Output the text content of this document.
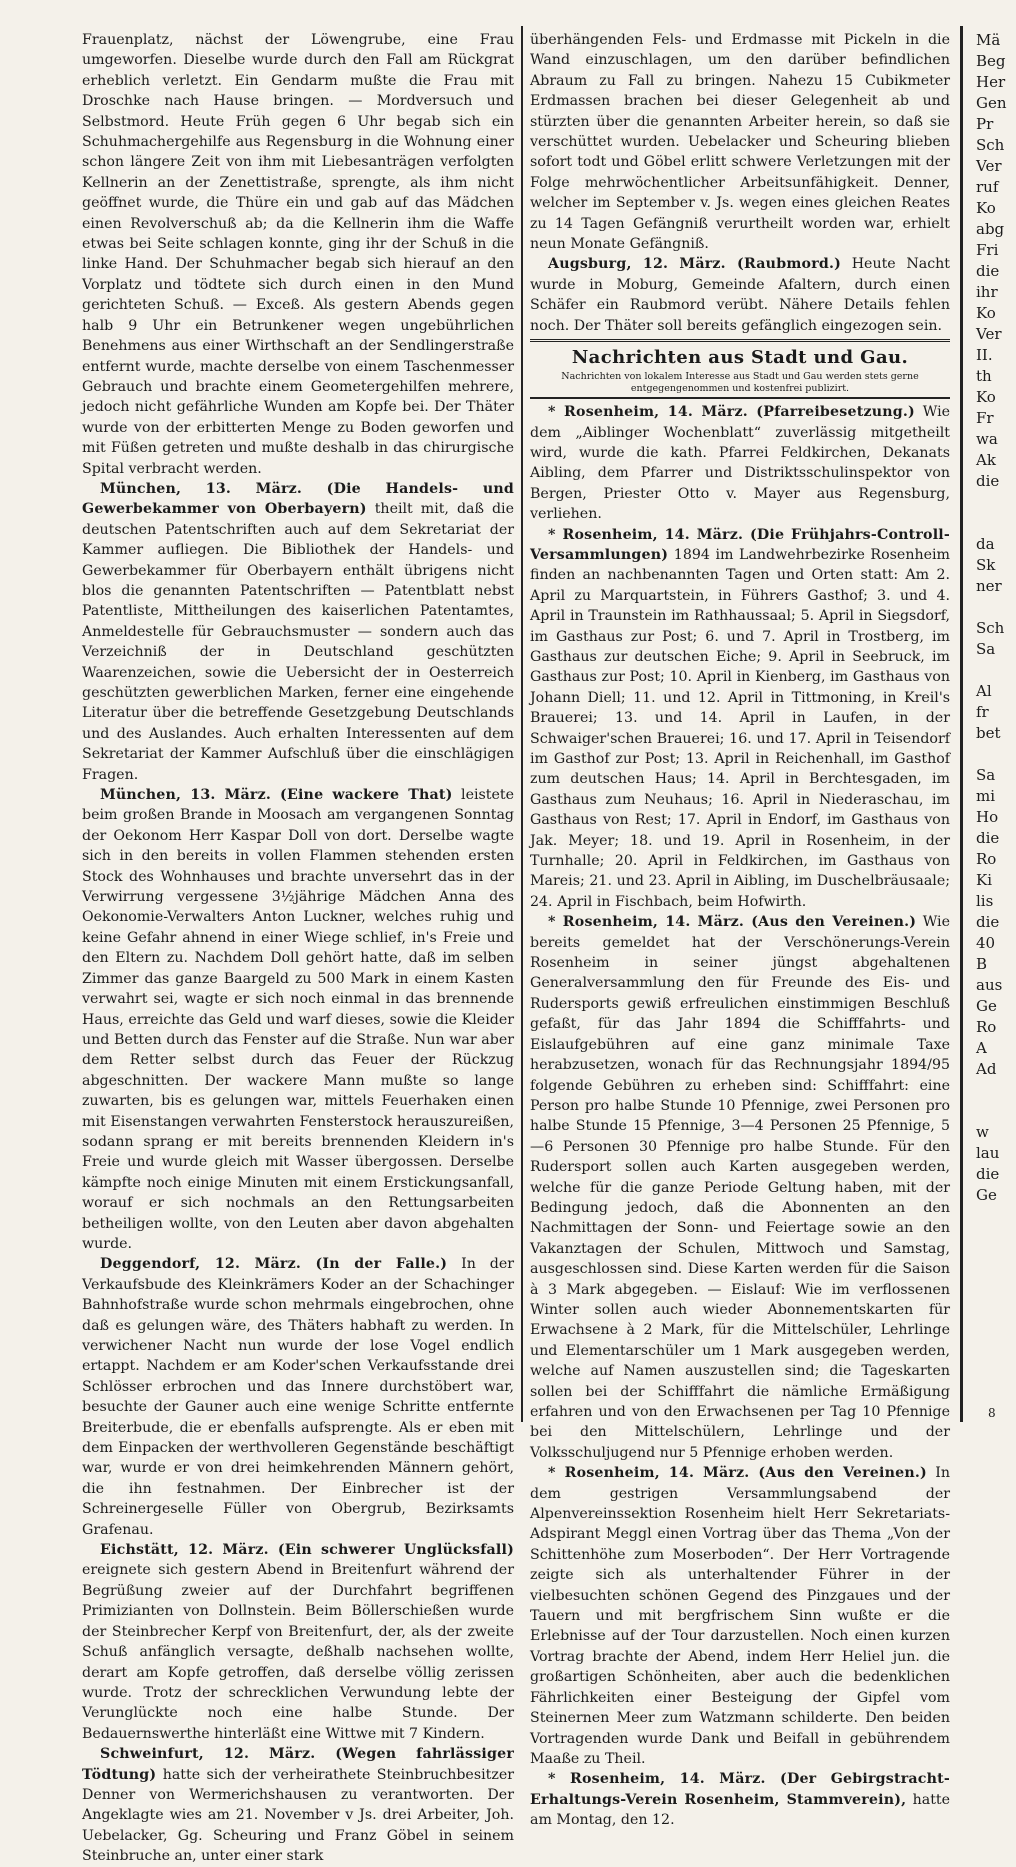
Frauenplatz, nächst der Löwengrube, eine Frau umgeworfen. Dieselbe wurde durch den Fall am Rückgrat erheblich verletzt. Ein Gendarm mußte die Frau mit Droschke nach Hause bringen. — Mordversuch und Selbstmord. Heute Früh gegen 6 Uhr begab sich ein Schuhmachergehilfe aus Regensburg in die Wohnung einer schon längere Zeit von ihm mit Liebesanträgen verfolgten Kellnerin an der Zenettistraße, sprengte, als ihm nicht geöffnet wurde, die Thüre ein und gab auf das Mädchen einen Revolverschuß ab; da die Kellnerin ihm die Waffe etwas bei Seite schlagen konnte, ging ihr der Schuß in die linke Hand. Der Schuhmacher begab sich hierauf an den Vorplatz und tödtete sich durch einen in den Mund gerichteten Schuß. — Exceß. Als gestern Abends gegen halb 9 Uhr ein Betrunkener wegen ungebührlichen Benehmens aus einer Wirthschaft an der Sendlingerstraße entfernt wurde, machte derselbe von einem Taschenmesser Gebrauch und brachte einem Geometergehilfen mehrere, jedoch nicht gefährliche Wunden am Kopfe bei. Der Thäter wurde von der erbitterten Menge zu Boden geworfen und mit Füßen getreten und mußte deshalb in das chirurgische Spital verbracht werden.

München, 13. März. (Die Handels- und Gewerbekammer von Oberbayern) theilt mit, daß die deutschen Patentschriften auch auf dem Sekretariat der Kammer aufliegen. Die Bibliothek der Handels- und Gewerbekammer für Oberbayern enthält übrigens nicht blos die genannten Patentschriften — Patentblatt nebst Patentliste, Mittheilungen des kaiserlichen Patentamtes, Anmeldestelle für Gebrauchsmuster — sondern auch das Verzeichniß der in Deutschland geschützten Waarenzeichen, sowie die Uebersicht der in Oesterreich geschützten gewerblichen Marken, ferner eine eingehende Literatur über die betreffende Gesetzgebung Deutschlands und des Auslandes. Auch erhalten Interessenten auf dem Sekretariat der Kammer Aufschluß über die einschlägigen Fragen.

München, 13. März. (Eine wackere That) leistete beim großen Brande in Moosach am vergangenen Sonntag der Oekonom Herr Kaspar Doll von dort. Derselbe wagte sich in den bereits in vollen Flammen stehenden ersten Stock des Wohnhauses und brachte unversehrt das in der Verwirrung vergessene 3½jährige Mädchen Anna des Oekonomie-Verwalters Anton Luckner, welches ruhig und keine Gefahr ahnend in einer Wiege schlief, in's Freie und den Eltern zu. Nachdem Doll gehört hatte, daß im selben Zimmer das ganze Baargeld zu 500 Mark in einem Kasten verwahrt sei, wagte er sich noch einmal in das brennende Haus, erreichte das Geld und warf dieses, sowie die Kleider und Betten durch das Fenster auf die Straße. Nun war aber dem Retter selbst durch das Feuer der Rückzug abgeschnitten. Der wackere Mann mußte so lange zuwarten, bis es gelungen war, mittels Feuerhaken einen mit Eisenstangen verwahrten Fensterstock herauszureißen, sodann sprang er mit bereits brennenden Kleidern in's Freie und wurde gleich mit Wasser übergossen. Derselbe kämpfte noch einige Minuten mit einem Erstickungsanfall, worauf er sich nochmals an den Rettungsarbeiten betheiligen wollte, von den Leuten aber davon abgehalten wurde.

Deggendorf, 12. März. (In der Falle.) In der Verkaufsbude des Kleinkrämers Koder an der Schachinger Bahnhofstraße wurde schon mehrmals eingebrochen, ohne daß es gelungen wäre, des Thäters habhaft zu werden. In verwichener Nacht nun wurde der lose Vogel endlich ertappt. Nachdem er am Koder'schen Verkaufsstande drei Schlösser erbrochen und das Innere durchstöbert war, besuchte der Gauner auch eine wenige Schritte entfernte Breiterbude, die er ebenfalls aufsprengte. Als er eben mit dem Einpacken der werthvolleren Gegenstände beschäftigt war, wurde er von drei heimkehrenden Männern gehört, die ihn festnahmen. Der Einbrecher ist der Schreinergeselle Füller von Obergrub, Bezirksamts Grafenau.

Eichstätt, 12. März. (Ein schwerer Unglücksfall) ereignete sich gestern Abend in Breitenfurt während der Begrüßung zweier auf der Durchfahrt begriffenen Primizianten von Dollnstein. Beim Böllerschießen wurde der Steinbrecher Kerpf von Breitenfurt, der, als der zweite Schuß anfänglich versagte, deßhalb nachsehen wollte, derart am Kopfe getroffen, daß derselbe völlig zerissen wurde. Trotz der schrecklichen Verwundung lebte der Verunglückte noch eine halbe Stunde. Der Bedauernswerthe hinterläßt eine Wittwe mit 7 Kindern.

Schweinfurt, 12. März. (Wegen fahrlässiger Tödtung) hatte sich der verheirathete Steinbruchbesitzer Denner von Wermerichshausen zu verantworten. Der Angeklagte wies am 21. November v Js. drei Arbeiter, Joh. Uebelacker, Gg. Scheuring und Franz Göbel in seinem Steinbruche an, unter einer stark

überhängenden Fels- und Erdmasse mit Pickeln in die Wand einzuschlagen, um den darüber befindlichen Abraum zu Fall zu bringen. Nahezu 15 Cubikmeter Erdmassen brachen bei dieser Gelegenheit ab und stürzten über die genannten Arbeiter herein, so daß sie verschüttet wurden. Uebelacker und Scheuring blieben sofort todt und Göbel erlitt schwere Verletzungen mit der Folge mehrwöchentlicher Arbeitsunfähigkeit. Denner, welcher im September v. Js. wegen eines gleichen Reates zu 14 Tagen Gefängniß verurtheilt worden war, erhielt neun Monate Gefängniß.

Augsburg, 12. März. (Raubmord.) Heute Nacht wurde in Moburg, Gemeinde Afaltern, durch einen Schäfer ein Raubmord verübt. Nähere Details fehlen noch. Der Thäter soll bereits gefänglich eingezogen sein.

Nachrichten aus Stadt und Gau.
Nachrichten von lokalem Interesse aus Stadt und Gau werden stets gerne entgegengenommen und kostenfrei publizirt.

* Rosenheim, 14. März. (Pfarreibesetzung.) Wie dem „Aiblinger Wochenblatt“ zuverlässig mitgetheilt wird, wurde die kath. Pfarrei Feldkirchen, Dekanats Aibling, dem Pfarrer und Distriktsschulinspektor von Bergen, Priester Otto v. Mayer aus Regensburg, verliehen.

* Rosenheim, 14. März. (Die Frühjahrs-Controll-Versammlungen) 1894 im Landwehrbezirke Rosenheim finden an nachbenannten Tagen und Orten statt: Am 2. April zu Marquartstein, in Führers Gasthof; 3. und 4. April in Traunstein im Rathhaussaal; 5. April in Siegsdorf, im Gasthaus zur Post; 6. und 7. April in Trostberg, im Gasthaus zur deutschen Eiche; 9. April in Seebruck, im Gasthaus zur Post; 10. April in Kienberg, im Gasthaus von Johann Diell; 11. und 12. April in Tittmoning, in Kreil's Brauerei; 13. und 14. April in Laufen, in der Schwaiger'schen Brauerei; 16. und 17. April in Teisendorf im Gasthof zur Post; 13. April in Reichenhall, im Gasthof zum deutschen Haus; 14. April in Berchtesgaden, im Gasthaus zum Neuhaus; 16. April in Niederaschau, im Gasthaus von Rest; 17. April in Endorf, im Gasthaus von Jak. Meyer; 18. und 19. April in Rosenheim, in der Turnhalle; 20. April in Feldkirchen, im Gasthaus von Mareis; 21. und 23. April in Aibling, im Duschelbräusaale; 24. April in Fischbach, beim Hofwirth.

* Rosenheim, 14. März. (Aus den Vereinen.) Wie bereits gemeldet hat der Verschönerungs-Verein Rosenheim in seiner jüngst abgehaltenen Generalversammlung den für Freunde des Eis- und Rudersports gewiß erfreulichen einstimmigen Beschluß gefaßt, für das Jahr 1894 die Schifffahrts- und Eislaufgebühren auf eine ganz minimale Taxe herabzusetzen, wonach für das Rechnungsjahr 1894/95 folgende Gebühren zu erheben sind: Schifffahrt: eine Person pro halbe Stunde 10 Pfennige, zwei Personen pro halbe Stunde 15 Pfennige, 3—4 Personen 25 Pfennige, 5—6 Personen 30 Pfennige pro halbe Stunde. Für den Rudersport sollen auch Karten ausgegeben werden, welche für die ganze Periode Geltung haben, mit der Bedingung jedoch, daß die Abonnenten an den Nachmittagen der Sonn- und Feiertage sowie an den Vakanztagen der Schulen, Mittwoch und Samstag, ausgeschlossen sind. Diese Karten werden für die Saison à 3 Mark abgegeben. — Eislauf: Wie im verflossenen Winter sollen auch wieder Abonnementskarten für Erwachsene à 2 Mark, für die Mittelschüler, Lehrlinge und Elementarschüler um 1 Mark ausgegeben werden, welche auf Namen auszustellen sind; die Tageskarten sollen bei der Schifffahrt die nämliche Ermäßigung erfahren und von den Erwachsenen per Tag 10 Pfennige bei den Mittelschülern, Lehrlinge und der Volksschuljugend nur 5 Pfennige erhoben werden.

* Rosenheim, 14. März. (Aus den Vereinen.) In dem gestrigen Versammlungsabend der Alpenvereinssektion Rosenheim hielt Herr Sekretariats-Adspirant Meggl einen Vortrag über das Thema „Von der Schittenhöhe zum Moserboden“. Der Herr Vortragende zeigte sich als unterhaltender Führer in der vielbesuchten schönen Gegend des Pinzgaues und der Tauern und mit bergfrischem Sinn wußte er die Erlebnisse auf der Tour darzustellen. Noch einen kurzen Vortrag brachte der Abend, indem Herr Heliel jun. die großartigen Schönheiten, aber auch die bedenklichen Fährlichkeiten einer Besteigung der Gipfel vom Steinernen Meer zum Watzmann schilderte. Den beiden Vortragenden wurde Dank und Beifall in gebührendem Maaße zu Theil.

* Rosenheim, 14. März. (Der Gebirgstracht-Erhaltungs-Verein Rosenheim, Stammverein), hatte am Montag, den 12.

Mä
Beg
Her
Gen
Pr
Sch
Ver
ruf
Ko
abg
Fri
die
ihr
Ko
Ver
II.
th
Ko
Fr
wa
Ak
die

da
Sk
ner

Sch
Sa

Al
fr
bet

Sa
mi
Ho
die
Ro
Ki
lis
die
40
B
aus
Ge
Ro
A
Ad

w
lau
die
Ge

8
